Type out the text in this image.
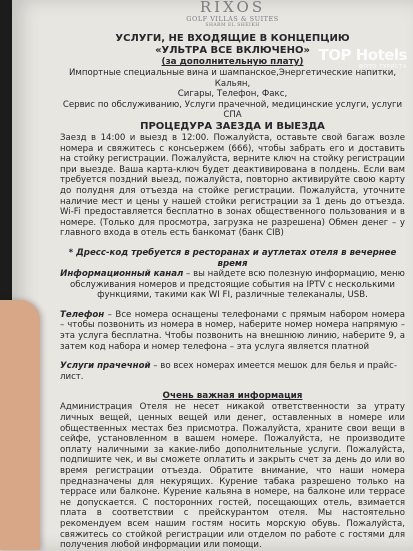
RIXOS
GOLF VILLAS & SUITES
SHARM EL SHEIKH
УСЛУГИ, НЕ ВХОДЯЩИЕ В КОНЦЕПЦИЮ
«УЛЬТРА ВСЕ ВКЛЮЧЕНО»
(за дополнительную плату)

Импортные специальные вина и шампанское,Энергетические напитки, Кальян,

Сигары, Телефон, Факс,

Сервис по обслуживанию, Услуги прачечной, медицинские услуги, услуги СПА

ПРОЦЕДУРА ЗАЕЗДА И ВЫЕЗДА

Заезд в 14:00 и выезд в 12:00. Пожалуйста, оставьте свой багаж возле номера и свяжитесь с консьержем (666), чтобы забрать его и доставить на стойку регистрации. Пожалуйста, верните ключ на стойку регистрации при выезде. Ваша карта-ключ будет деактивирована в полдень. Если вам требуется поздний выезд, пожалуйста, повторно активируйте свою карту до полудня для отъезда на стойке регистрации. Пожалуйста, уточните наличие мест и цены у нашей стойки регистрации за 1 день до отъезда. Wi-Fi предоставляется бесплатно в зонах общественного пользования и в номере. (Только для просмотра, загрузка не разрешена) Обмен денег – у главного входа в отель есть банкомат (банк CIB)

* Дресс-код требуется в ресторанах и аутлетах отеля в вечернее время

Информационный канал – вы найдете всю полезную информацию, меню обслуживания номеров и предстоящие события на IPTV с несколькими функциями, такими как WI FI, различные телеканалы, USB.

Телефон – Все номера оснащены телефонами с прямым набором номера – чтобы позвонить из номера в номер, наберите номер номера напрямую – эта услуга бесплатна. Чтобы позвонить на внешнюю линию, наберите 9, а затем код набора и номер телефона – эта услуга является платной

Услуги прачечной – во всех номерах имеется мешок для белья и прайс-лист.

Очень важная информация

Администрация Отеля не несет никакой ответственности за утрату личных вещей, ценных вещей или денег, оставленных в номере или общественных местах без присмотра. Пожалуйста, храните свои вещи в сейфе, установленном в вашем номере. Пожалуйста, не производите оплату наличными за какие-либо дополнительные услуги. Пожалуйста, подпишите чек, и вы сможете оплатить и закрыть счет за день до или во время регистрации отъезда. Обратите внимание, что наши номера предназначены для некурящих. Курение табака разрешено только на террасе или балконе. Курение кальяна в номере, на балконе или террасе не допускается. С посторонних гостей, посещающих отель, взимается плата в соответствии с прейскурантом отеля. Мы настоятельно рекомендуем всем нашим гостям носить морскую обувь. Пожалуйста, свяжитесь со стойкой регистрации или отделом по работе с гостями для получения любой информации или помощи.

TOP Hotels
ФОТО ТУРИСТА
